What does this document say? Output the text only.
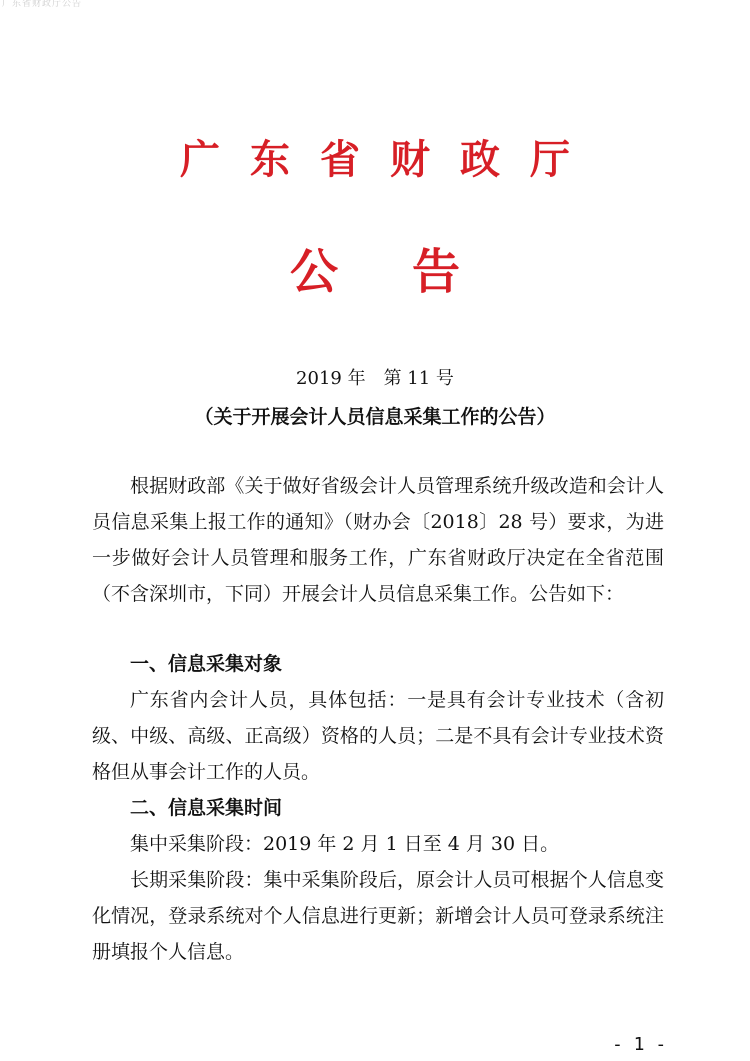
广东省财政厅公告
广东省财政厅
公告
2019 年　第 11 号
（关于开展会计人员信息采集工作的公告）
根据财政部《关于做好省级会计人员管理系统升级改造和会计人员信息采集上报工作的通知》（财办会〔2018〕28 号）要求，为进一步做好会计人员管理和服务工作，广东省财政厅决定在全省范围（不含深圳市，下同）开展会计人员信息采集工作。公告如下：
一、信息采集对象
广东省内会计人员，具体包括：一是具有会计专业技术（含初级、中级、高级、正高级）资格的人员；二是不具有会计专业技术资格但从事会计工作的人员。
二、信息采集时间
集中采集阶段：2019 年 2 月 1 日至 4 月 30 日。
长期采集阶段：集中采集阶段后，原会计人员可根据个人信息变化情况，登录系统对个人信息进行更新；新增会计人员可登录系统注册填报个人信息。
- 1 -
